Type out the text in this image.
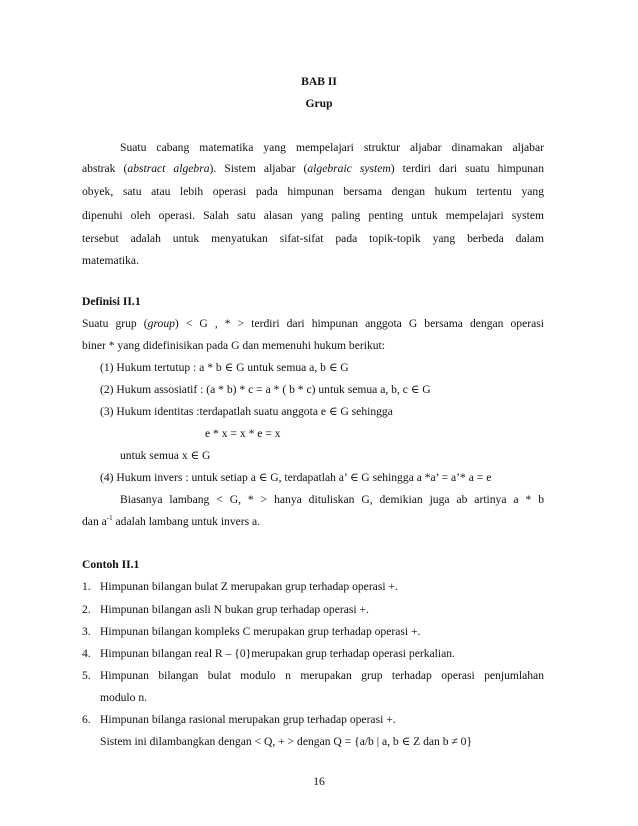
BAB II
Grup
Suatu cabang matematika yang mempelajari struktur aljabar dinamakan aljabar
abstrak (abstract algebra). Sistem aljabar (algebraic system) terdiri dari suatu himpunan
obyek, satu atau lebih operasi pada himpunan bersama dengan hukum tertentu yang
dipenuhi oleh operasi. Salah satu alasan yang paling penting untuk mempelajari system
tersebut adalah untuk menyatukan sifat-sifat pada topik-topik yang berbeda dalam
matematika.
Definisi II.1
Suatu grup (group) < G , * > terdiri dari himpunan anggota G bersama dengan operasi
biner * yang didefinisikan pada G dan memenuhi hukum berikut:
(1) Hukum tertutup : a * b ∈ G untuk semua a, b ∈ G
(2) Hukum assosiatif : (a * b) * c = a * ( b * c) untuk semua a, b, c ∈ G
(3) Hukum identitas :terdapatlah suatu anggota e ∈ G sehingga
e * x = x * e = x
untuk semua x ∈ G
(4) Hukum invers : untuk setiap a ∈ G, terdapatlah a’ ∈ G sehingga a *a’ = a’* a = e
Biasanya lambang < G, * > hanya dituliskan G, demikian juga ab artinya a * b
dan $a^{-1}$ adalah lambang untuk invers a.
Contoh II.1
1. Himpunan bilangan bulat Z merupakan grup terhadap operasi +.
2. Himpunan bilangan asli N bukan grup terhadap operasi +.
3. Himpunan bilangan kompleks C merupakan grup terhadap operasi +.
4. Himpunan bilangan real R – {0}merupakan grup terhadap operasi perkalian.
5. Himpunan bilangan bulat modulo n merupakan grup terhadap operasi penjumlahan
modulo n.
6. Himpunan bilanga rasional merupakan grup terhadap operasi +.
Sistem ini dilambangkan dengan < Q, + > dengan Q = {a/b | a, b ∈ Z dan b ≠ 0}
16
